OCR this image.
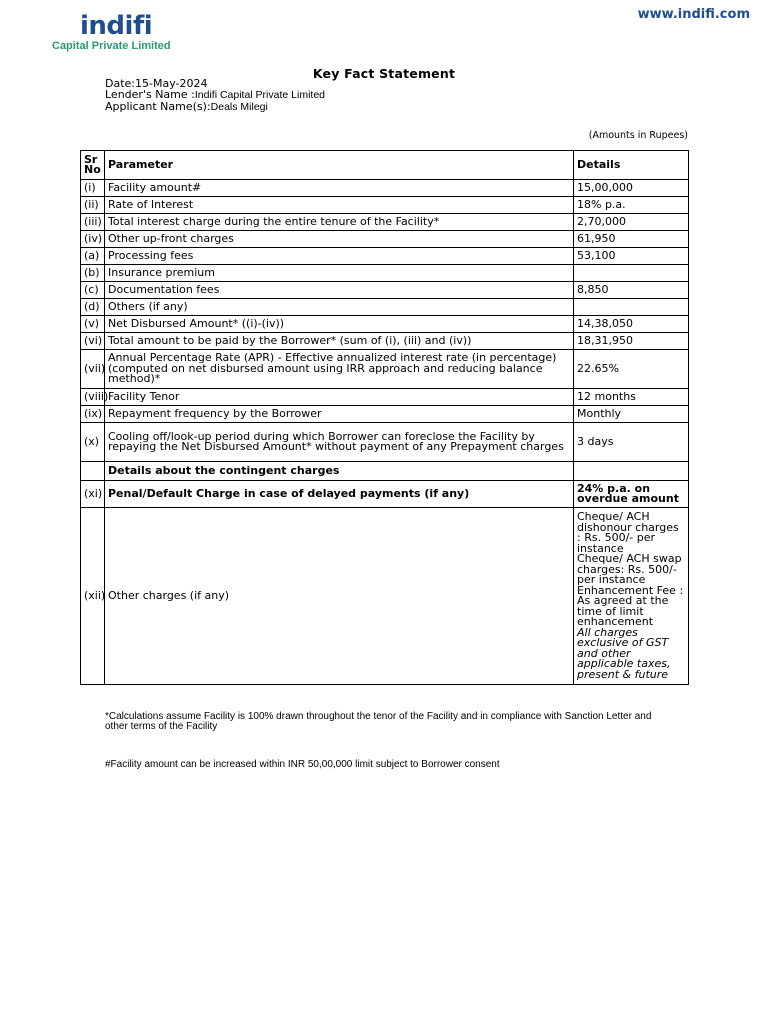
indifi
Capital Private Limited
www.indifi.com
Key Fact Statement
Date:15-May-2024
Lender's Name :Indifi Capital Private Limited
Applicant Name(s):Deals Milegi
(Amounts in Rupees)
Sr No	Parameter	Details
(i)	Facility amount#	15,00,000
(ii)	Rate of Interest	18% p.a.
(iii)	Total interest charge during the entire tenure of the Facility*	2,70,000
(iv)	Other up-front charges	61,950
(a)	Processing fees	53,100
(b)	Insurance premium	
(c)	Documentation fees	8,850
(d)	Others (if any)	
(v)	Net Disbursed Amount* ((i)-(iv))	14,38,050
(vi)	Total amount to be paid by the Borrower* (sum of (i), (iii) and (iv))	18,31,950
(vii)	Annual Percentage Rate (APR) - Effective annualized interest rate (in percentage) (computed on net disbursed amount using IRR approach and reducing balance method)*	22.65%
(viii)	Facility Tenor	12 months
(ix)	Repayment frequency by the Borrower	Monthly
(x)	Cooling off/look-up period during which Borrower can foreclose the Facility by repaying the Net Disbursed Amount* without payment of any Prepayment charges	3 days
	Details about the contingent charges	
(xi)	Penal/Default Charge in case of delayed payments (if any)	24% p.a. on overdue amount
(xii)	Other charges (if any)	Cheque/ ACH dishonour charges : Rs. 500/- per instance
Cheque/ ACH swap charges: Rs. 500/- per instance
Enhancement Fee : As agreed at the time of limit enhancement
All charges exclusive of GST and other applicable taxes, present & future
*Calculations assume Facility is 100% drawn throughout the tenor of the Facility and in compliance with Sanction Letter and other terms of the Facility
#Facility amount can be increased within INR 50,00,000 limit subject to Borrower consent
